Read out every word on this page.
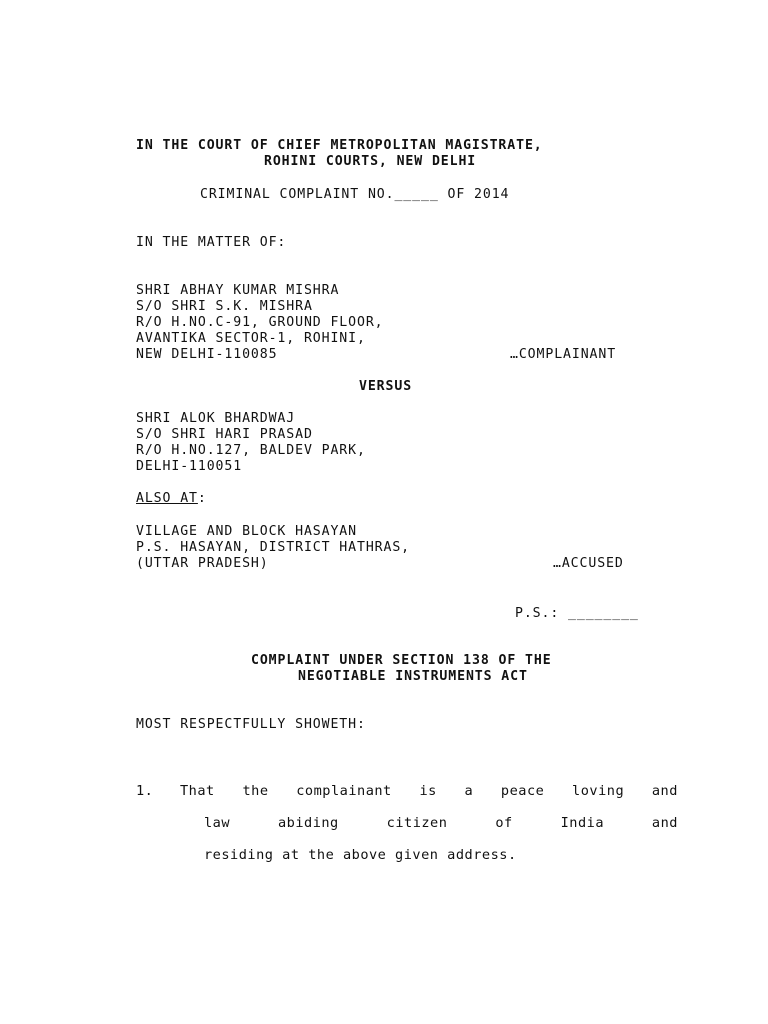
IN THE COURT OF CHIEF METROPOLITAN MAGISTRATE,
ROHINI COURTS, NEW DELHI
CRIMINAL COMPLAINT NO._____ OF 2014
IN THE MATTER OF:
SHRI ABHAY KUMAR MISHRA
S/O SHRI S.K. MISHRA
R/O H.NO.C-91, GROUND FLOOR,
AVANTIKA SECTOR-1, ROHINI,
NEW DELHI-110085	…COMPLAINANT
VERSUS
SHRI ALOK BHARDWAJ
S/O SHRI HARI PRASAD
R/O H.NO.127, BALDEV PARK,
DELHI-110051
ALSO AT:
VILLAGE AND BLOCK HASAYAN
P.S. HASAYAN, DISTRICT HATHRAS,
(UTTAR PRADESH)	…ACCUSED
P.S.: ________
COMPLAINT UNDER SECTION 138 OF THE
NEGOTIABLE INSTRUMENTS ACT
MOST RESPECTFULLY SHOWETH:
1. That the complainant is a peace loving and
law	abiding	citizen	of	India	and
residing at the above given address.
